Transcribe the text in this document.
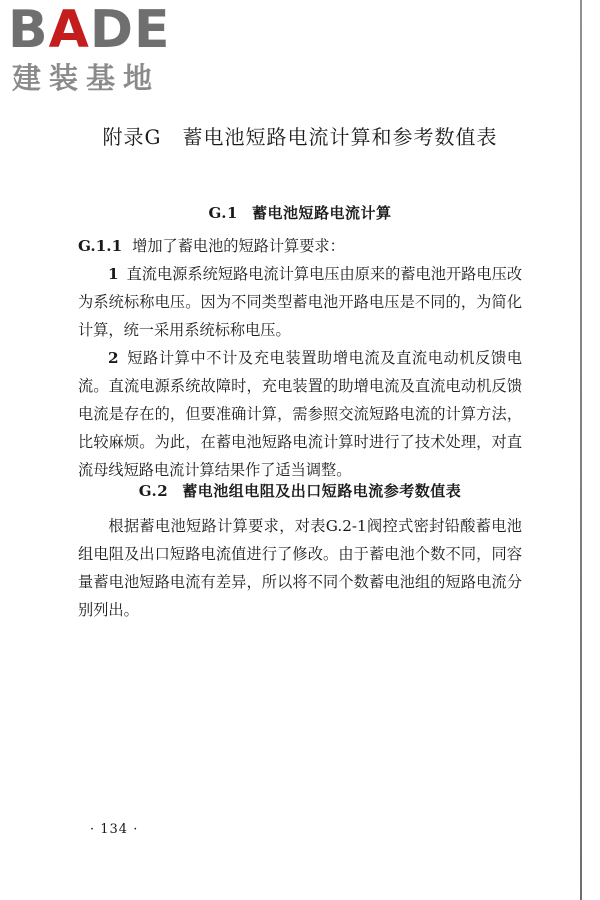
BADE
建装基地
附录G　蓄电池短路电流计算和参考数值表
G.1 蓄电池短路电流计算
G.1.1 增加了蓄电池的短路计算要求：
1 直流电源系统短路电流计算电压由原来的蓄电池开路电压改为系统标称电压。因为不同类型蓄电池开路电压是不同的，为简化计算，统一采用系统标称电压。
2 短路计算中不计及充电装置助增电流及直流电动机反馈电流。直流电源系统故障时，充电装置的助增电流及直流电动机反馈电流是存在的，但要准确计算，需参照交流短路电流的计算方法，比较麻烦。为此，在蓄电池短路电流计算时进行了技术处理，对直流母线短路电流计算结果作了适当调整。
G.2 蓄电池组电阻及出口短路电流参考数值表
根据蓄电池短路计算要求，对表G.2-1阀控式密封铅酸蓄电池组电阻及出口短路电流值进行了修改。由于蓄电池个数不同，同容量蓄电池短路电流有差异，所以将不同个数蓄电池组的短路电流分别列出。
· 134 ·
